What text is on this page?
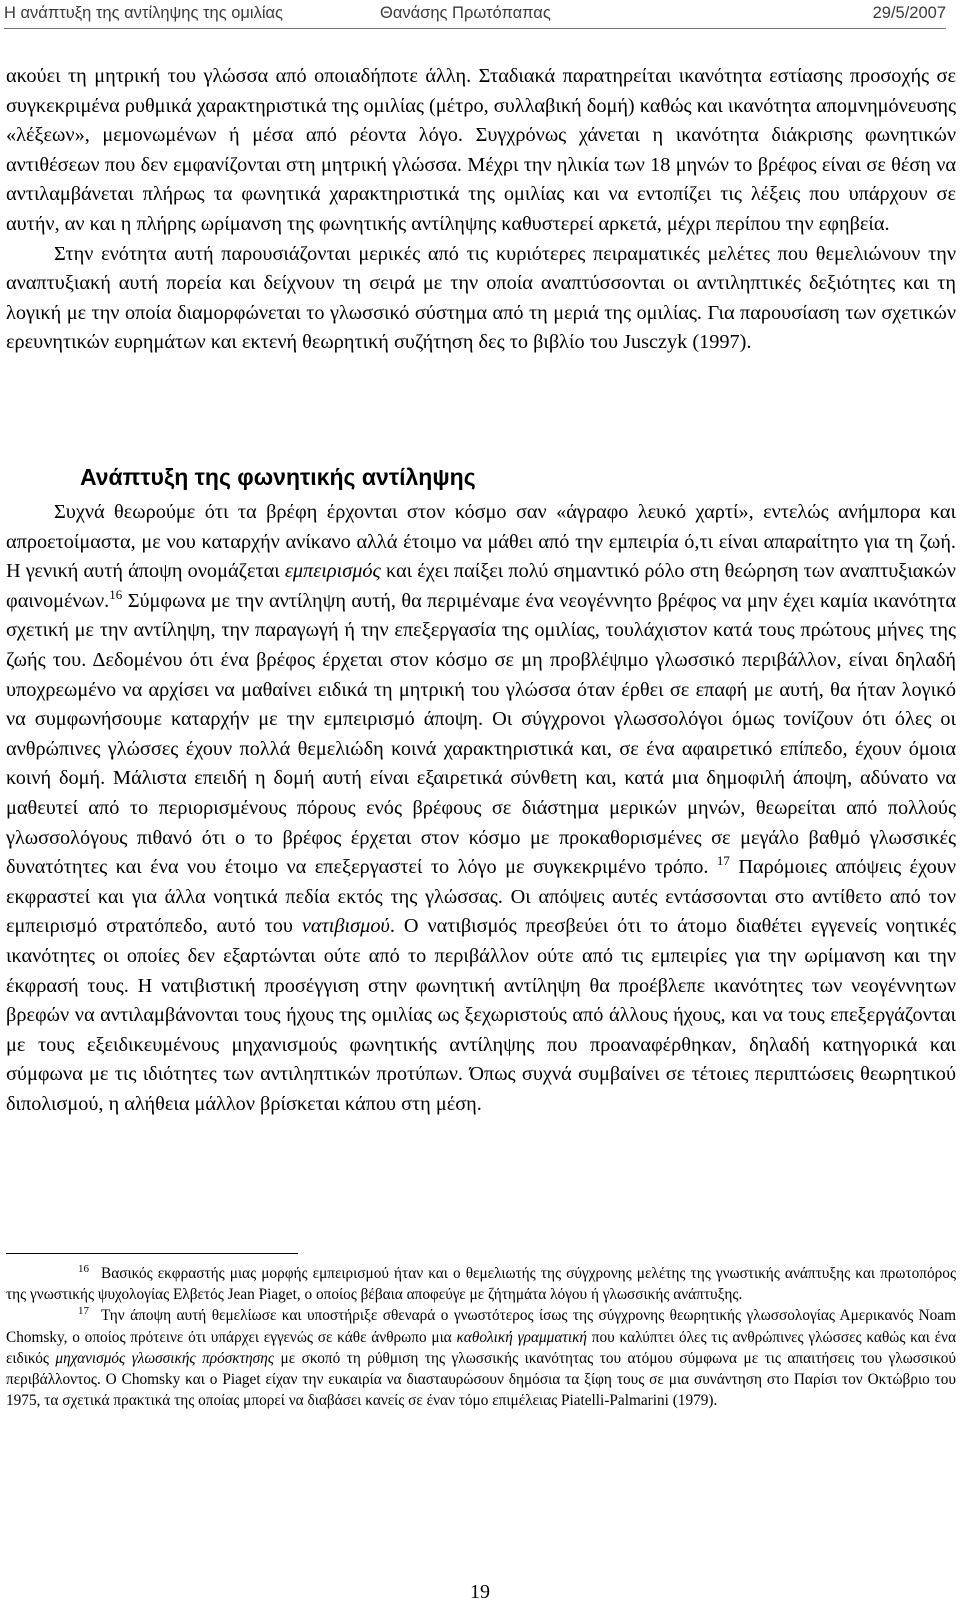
Η ανάπτυξη της αντίληψης της ομιλίας	Θανάσης Πρωτόπαπας	29/5/2007

ακούει τη μητρική του γλώσσα από οποιαδήποτε άλλη. Σταδιακά παρατηρείται ικανότητα εστίασης προσοχής σε συγκεκριμένα ρυθμικά χαρακτηριστικά της ομιλίας (μέτρο, συλλαβική δομή) καθώς και ικανότητα απομνημόνευσης «λέξεων», μεμονωμένων ή μέσα από ρέοντα λόγο. Συγχρόνως χάνεται η ικανότητα διάκρισης φωνητικών αντιθέσεων που δεν εμφανίζονται στη μητρική γλώσσα. Μέχρι την ηλικία των 18 μηνών το βρέφος είναι σε θέση να αντιλαμβάνεται πλήρως τα φωνητικά χαρακτηριστικά της ομιλίας και να εντοπίζει τις λέξεις που υπάρχουν σε αυτήν, αν και η πλήρης ωρίμανση της φωνητικής αντίληψης καθυστερεί αρκετά, μέχρι περίπου την εφηβεία.

Στην ενότητα αυτή παρουσιάζονται μερικές από τις κυριότερες πειραματικές μελέτες που θεμελιώνουν την αναπτυξιακή αυτή πορεία και δείχνουν τη σειρά με την οποία αναπτύσσονται οι αντιληπτικές δεξιότητες και τη λογική με την οποία διαμορφώνεται το γλωσσικό σύστημα από τη μεριά της ομιλίας. Για παρουσίαση των σχετικών ερευνητικών ευρημάτων και εκτενή θεωρητική συζήτηση δες το βιβλίο του Jusczyk (1997).

Ανάπτυξη της φωνητικής αντίληψης

Συχνά θεωρούμε ότι τα βρέφη έρχονται στον κόσμο σαν «άγραφο λευκό χαρτί», εντελώς ανήμπορα και απροετοίμαστα, με νου καταρχήν ανίκανο αλλά έτοιμο να μάθει από την εμπειρία ό,τι είναι απαραίτητο για τη ζωή. Η γενική αυτή άποψη ονομάζεται εμπειρισμός και έχει παίξει πολύ σημαντικό ρόλο στη θεώρηση των αναπτυξιακών φαινομένων.$^{16}$ Σύμφωνα με την αντίληψη αυτή, θα περιμέναμε ένα νεογέννητο βρέφος να μην έχει καμία ικανότητα σχετική με την αντίληψη, την παραγωγή ή την επεξεργασία της ομιλίας, τουλάχιστον κατά τους πρώτους μήνες της ζωής του. Δεδομένου ότι ένα βρέφος έρχεται στον κόσμο σε μη προβλέψιμο γλωσσικό περιβάλλον, είναι δηλαδή υποχρεωμένο να αρχίσει να μαθαίνει ειδικά τη μητρική του γλώσσα όταν έρθει σε επαφή με αυτή, θα ήταν λογικό να συμφωνήσουμε καταρχήν με την εμπειρισμό άποψη. Οι σύγχρονοι γλωσσολόγοι όμως τονίζουν ότι όλες οι ανθρώπινες γλώσσες έχουν πολλά θεμελιώδη κοινά χαρακτηριστικά και, σε ένα αφαιρετικό επίπεδο, έχουν όμοια κοινή δομή. Μάλιστα επειδή η δομή αυτή είναι εξαιρετικά σύνθετη και, κατά μια δημοφιλή άποψη, αδύνατο να μαθευτεί από το περιορισμένους πόρους ενός βρέφους σε διάστημα μερικών μηνών, θεωρείται από πολλούς γλωσσολόγους πιθανό ότι ο το βρέφος έρχεται στον κόσμο με προκαθορισμένες σε μεγάλο βαθμό γλωσσικές δυνατότητες και ένα νου έτοιμο να επεξεργαστεί το λόγο με συγκεκριμένο τρόπο. $^{17}$ Παρόμοιες απόψεις έχουν εκφραστεί και για άλλα νοητικά πεδία εκτός της γλώσσας. Οι απόψεις αυτές εντάσσονται στο αντίθετο από τον εμπειρισμό στρατόπεδο, αυτό του νατιβισμού. Ο νατιβισμός πρεσβεύει ότι το άτομο διαθέτει εγγενείς νοητικές ικανότητες οι οποίες δεν εξαρτώνται ούτε από το περιβάλλον ούτε από τις εμπειρίες για την ωρίμανση και την έκφρασή τους. Η νατιβιστική προσέγγιση στην φωνητική αντίληψη θα προέβλεπε ικανότητες των νεογέννητων βρεφών να αντιλαμβάνονται τους ήχους της ομιλίας ως ξεχωριστούς από άλλους ήχους, και να τους επεξεργάζονται με τους εξειδικευμένους μηχανισμούς φωνητικής αντίληψης που προαναφέρθηκαν, δηλαδή κατηγορικά και σύμφωνα με τις ιδιότητες των αντιληπτικών προτύπων. Όπως συχνά συμβαίνει σε τέτοιες περιπτώσεις θεωρητικού διπολισμού, η αλήθεια μάλλον βρίσκεται κάπου στη μέση.

$^{16}$ Βασικός εκφραστής μιας μορφής εμπειρισμού ήταν και ο θεμελιωτής της σύγχρονης μελέτης της γνωστικής ανάπτυξης και πρωτοπόρος της γνωστικής ψυχολογίας Ελβετός Jean Piaget, ο οποίος βέβαια αποφεύγε με ζήτημάτα λόγου ή γλωσσικής ανάπτυξης.

$^{17}$ Την άποψη αυτή θεμελίωσε και υποστήριξε σθεναρά ο γνωστότερος ίσως της σύγχρονης θεωρητικής γλωσσολογίας Αμερικανός Noam Chomsky, ο οποίος πρότεινε ότι υπάρχει εγγενώς σε κάθε άνθρωπο μια καθολική γραμματική που καλύπτει όλες τις ανθρώπινες γλώσσες καθώς και ένα ειδικός μηχανισμός γλωσσικής πρόσκτησης με σκοπό τη ρύθμιση της γλωσσικής ικανότητας του ατόμου σύμφωνα με τις απαιτήσεις του γλωσσικού περιβάλλοντος. Ο Chomsky και ο Piaget είχαν την ευκαιρία να διασταυρώσουν δημόσια τα ξίφη τους σε μια συνάντηση στο Παρίσι τον Οκτώβριο του 1975, τα σχετικά πρακτικά της οποίας μπορεί να διαβάσει κανείς σε έναν τόμο επιμέλειας Piatelli-Palmarini (1979).

19
